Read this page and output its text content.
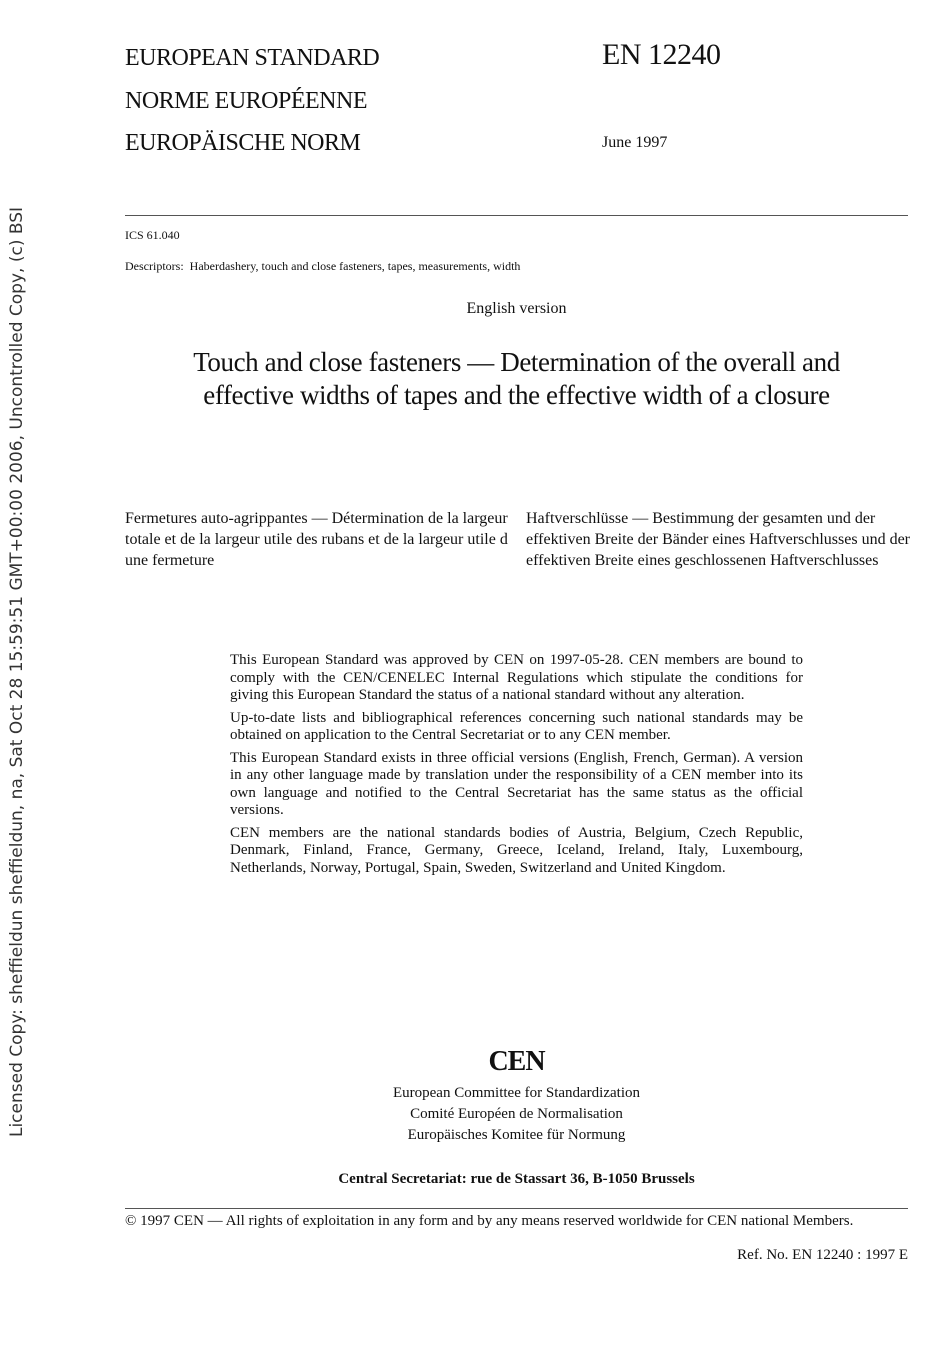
EUROPEAN STANDARD
NORME EUROPÉENNE
EUROPÄISCHE NORM
EN 12240
June 1997
ICS 61.040
Descriptors:  Haberdashery, touch and close fasteners, tapes, measurements, width
English version
Touch and close fasteners — Determination of the overall and
effective widths of tapes and the effective width of a closure
Fermetures auto-agrippantes — Détermination de la largeur totale et de la largeur utile des rubans et de la largeur utile d une fermeture
Haftverschlüsse — Bestimmung der gesamten und der effektiven Breite der Bänder eines Haftverschlusses und der effektiven Breite eines geschlossenen Haftverschlusses

This European Standard was approved by CEN on 1997-05-28. CEN members are bound to comply with the CEN/CENELEC Internal Regulations which stipulate the conditions for giving this European Standard the status of a national standard without any alteration.

Up-to-date lists and bibliographical references concerning such national standards may be obtained on application to the Central Secretariat or to any CEN member.

This European Standard exists in three official versions (English, French, German). A version in any other language made by translation under the responsibility of a CEN member into its own language and notified to the Central Secretariat has the same status as the official versions.

CEN members are the national standards bodies of Austria, Belgium, Czech Republic, Denmark, Finland, France, Germany, Greece, Iceland, Ireland, Italy, Luxembourg, Netherlands, Norway, Portugal, Spain, Sweden, Switzerland and United Kingdom.

CEN
European Committee for Standardization
Comité Européen de Normalisation
Europäisches Komitee für Normung
Central Secretariat: rue de Stassart 36, B-1050 Brussels
© 1997 CEN — All rights of exploitation in any form and by any means reserved worldwide for CEN national Members.
Ref. No. EN 12240 : 1997 E
Licensed Copy: sheffieldun sheffieldun, na, Sat Oct 28 15:59:51 GMT+00:00 2006, Uncontrolled Copy, (c) BSI
